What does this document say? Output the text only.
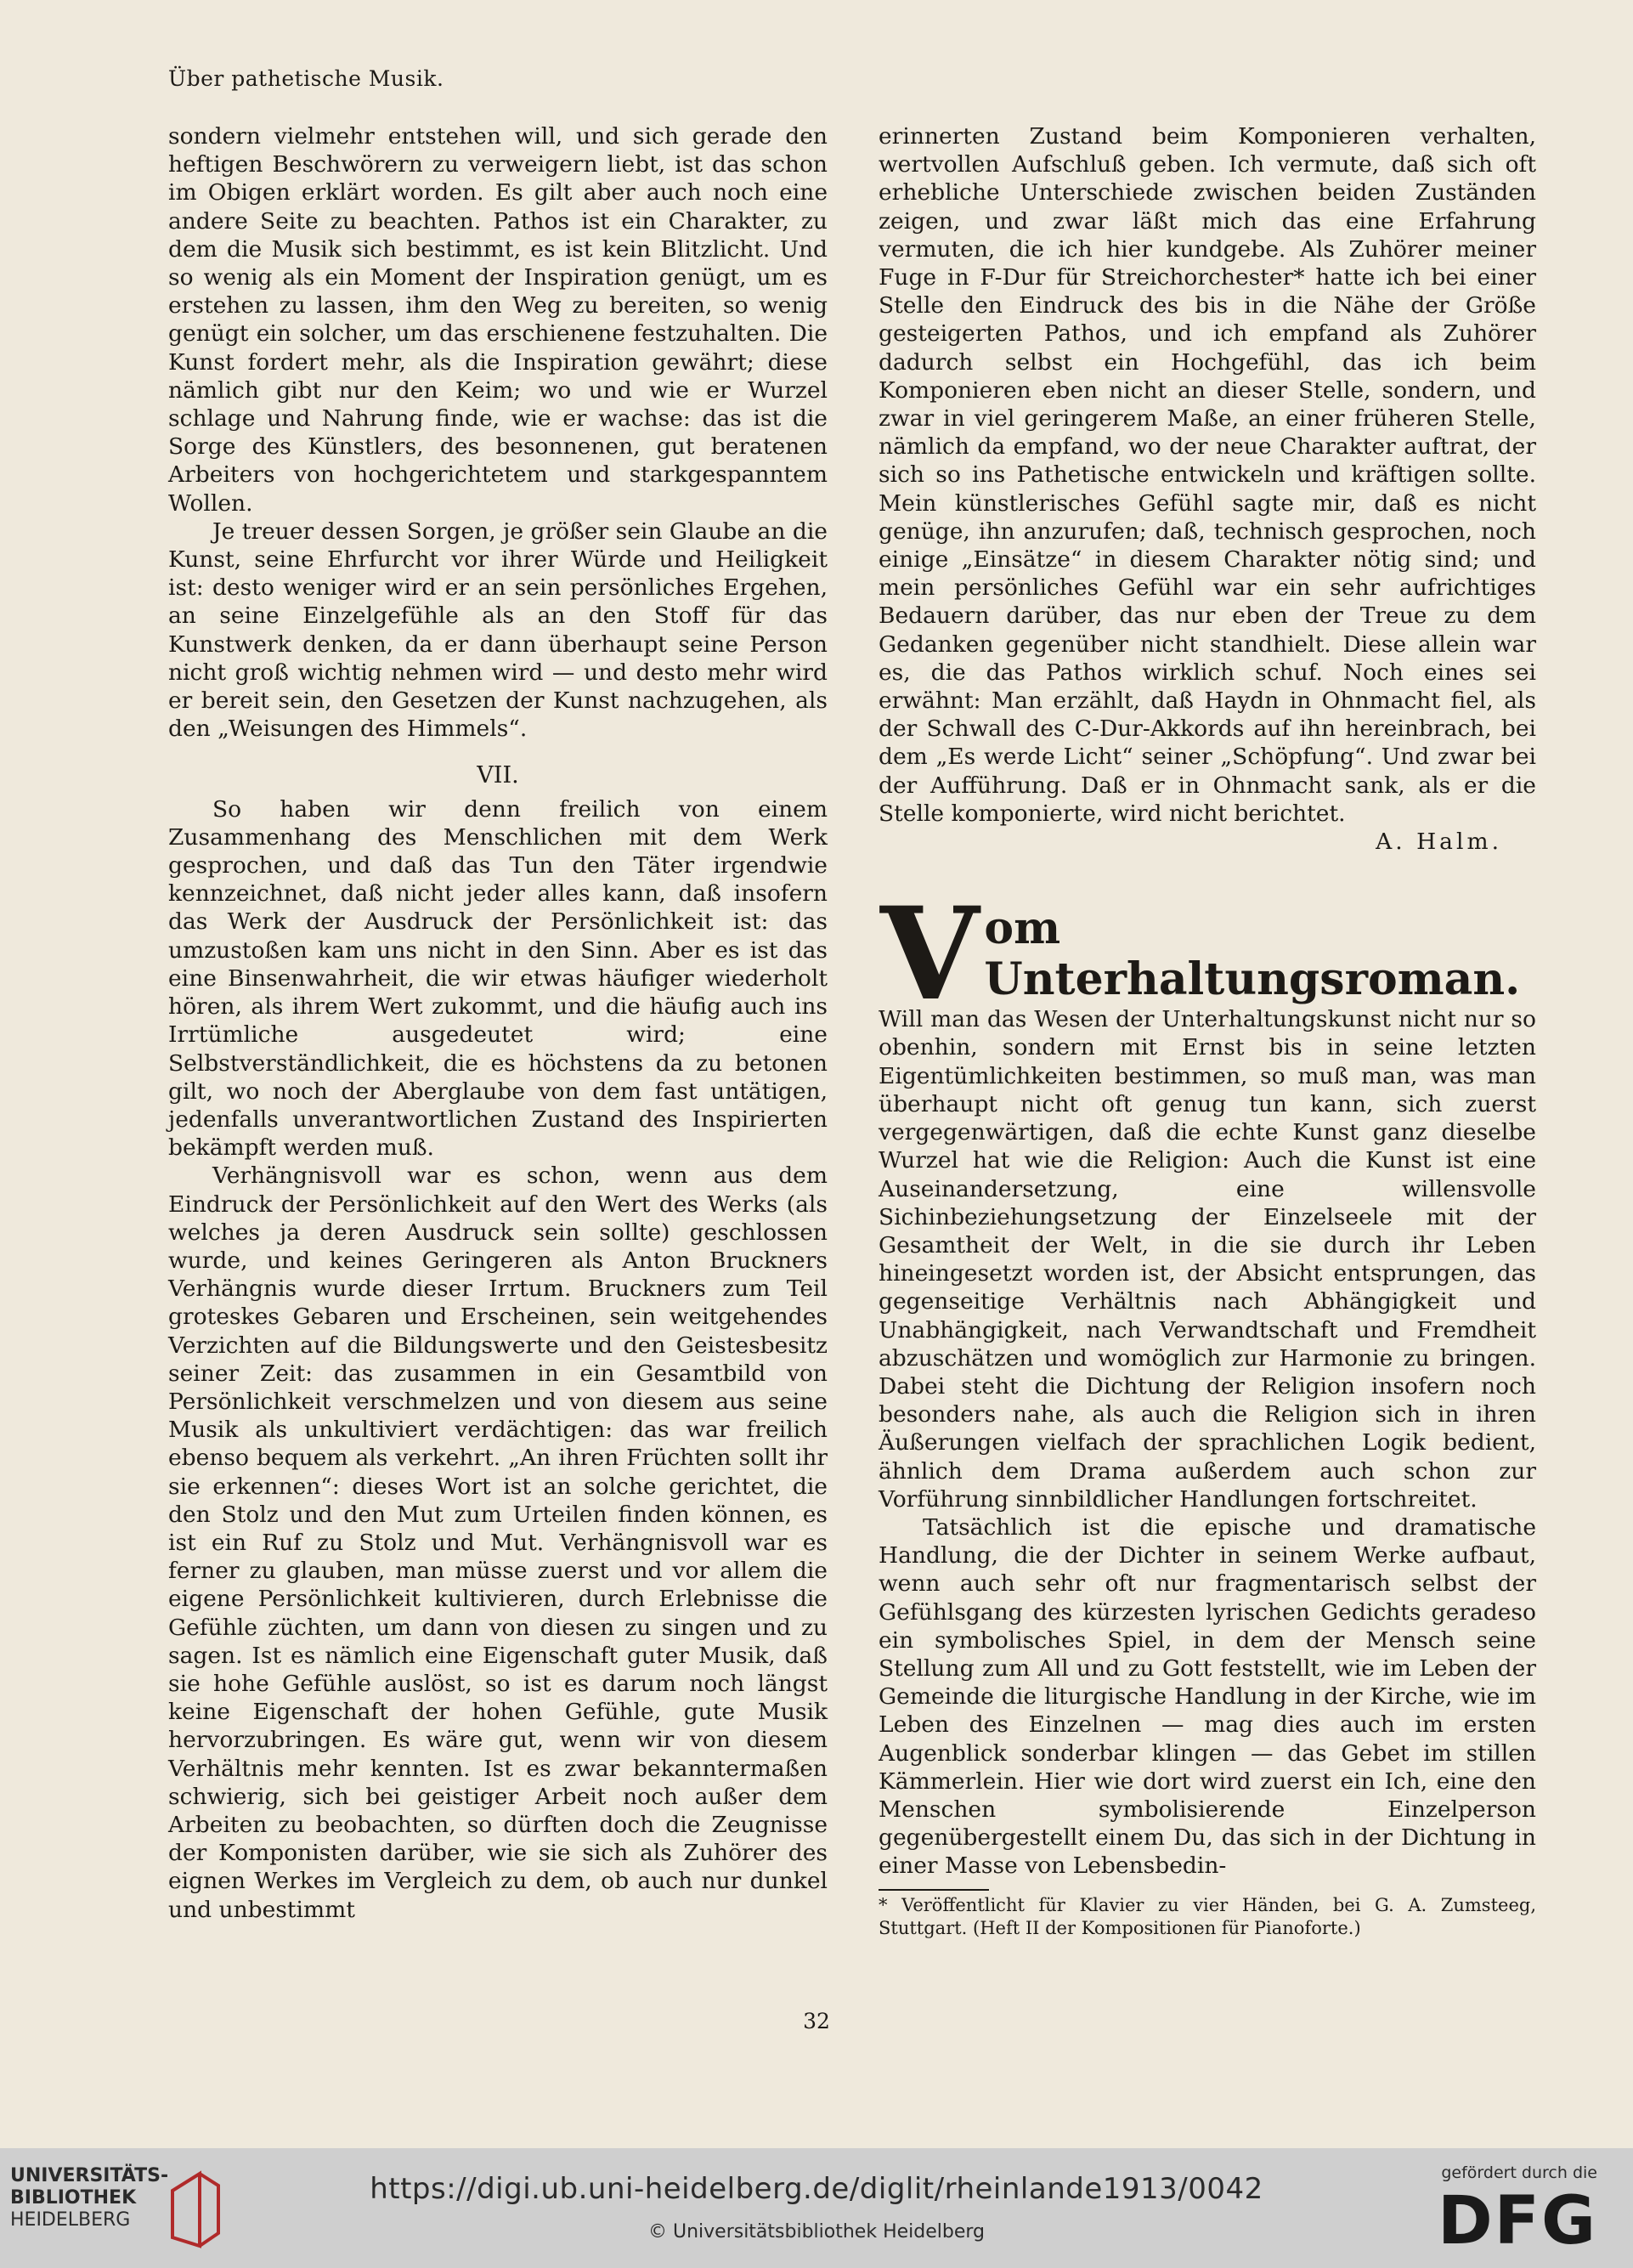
Über pathetische Musik.

sondern vielmehr entstehen will, und sich gerade den heftigen Beschwörern zu verweigern liebt, ist das schon im Obigen erklärt worden. Es gilt aber auch noch eine andere Seite zu beachten. Pathos ist ein Charakter, zu dem die Musik sich bestimmt, es ist kein Blitzlicht. Und so wenig als ein Moment der Inspiration genügt, um es erstehen zu lassen, ihm den Weg zu bereiten, so wenig genügt ein solcher, um das erschienene festzuhalten. Die Kunst fordert mehr, als die Inspiration gewährt; diese nämlich gibt nur den Keim; wo und wie er Wurzel schlage und Nahrung finde, wie er wachse: das ist die Sorge des Künstlers, des besonnenen, gut beratenen Arbeiters von hochgerichtetem und starkgespanntem Wollen.

Je treuer dessen Sorgen, je größer sein Glaube an die Kunst, seine Ehrfurcht vor ihrer Würde und Heiligkeit ist: desto weniger wird er an sein persönliches Ergehen, an seine Einzelgefühle als an den Stoff für das Kunstwerk denken, da er dann überhaupt seine Person nicht groß wichtig nehmen wird — und desto mehr wird er bereit sein, den Gesetzen der Kunst nachzugehen, als den „Weisungen des Himmels“.

VII.

So haben wir denn freilich von einem Zusammenhang des Menschlichen mit dem Werk gesprochen, und daß das Tun den Täter irgendwie kennzeichnet, daß nicht jeder alles kann, daß insofern das Werk der Ausdruck der Persönlichkeit ist: das umzustoßen kam uns nicht in den Sinn. Aber es ist das eine Binsenwahrheit, die wir etwas häufiger wiederholt hören, als ihrem Wert zukommt, und die häufig auch ins Irrtümliche ausgedeutet wird; eine Selbstverständlichkeit, die es höchstens da zu betonen gilt, wo noch der Aberglaube von dem fast untätigen, jedenfalls unverantwortlichen Zustand des Inspirierten bekämpft werden muß.

Verhängnisvoll war es schon, wenn aus dem Eindruck der Persönlichkeit auf den Wert des Werks (als welches ja deren Ausdruck sein sollte) geschlossen wurde, und keines Geringeren als Anton Bruckners Verhängnis wurde dieser Irrtum. Bruckners zum Teil groteskes Gebaren und Erscheinen, sein weitgehendes Verzichten auf die Bildungswerte und den Geistesbesitz seiner Zeit: das zusammen in ein Gesamtbild von Persönlichkeit verschmelzen und von diesem aus seine Musik als unkultiviert verdächtigen: das war freilich ebenso bequem als verkehrt. „An ihren Früchten sollt ihr sie erkennen“: dieses Wort ist an solche gerichtet, die den Stolz und den Mut zum Urteilen finden können, es ist ein Ruf zu Stolz und Mut. Verhängnisvoll war es ferner zu glauben, man müsse zuerst und vor allem die eigene Persönlichkeit kultivieren, durch Erlebnisse die Gefühle züchten, um dann von diesen zu singen und zu sagen. Ist es nämlich eine Eigenschaft guter Musik, daß sie hohe Gefühle auslöst, so ist es darum noch längst keine Eigenschaft der hohen Gefühle, gute Musik hervorzubringen. Es wäre gut, wenn wir von diesem Verhältnis mehr kennten. Ist es zwar bekanntermaßen schwierig, sich bei geistiger Arbeit noch außer dem Arbeiten zu beobachten, so dürften doch die Zeugnisse der Komponisten darüber, wie sie sich als Zuhörer des eignen Werkes im Vergleich zu dem, ob auch nur dunkel und unbestimmt

erinnerten Zustand beim Komponieren verhalten, wertvollen Aufschluß geben. Ich vermute, daß sich oft erhebliche Unterschiede zwischen beiden Zuständen zeigen, und zwar läßt mich das eine Erfahrung vermuten, die ich hier kundgebe. Als Zuhörer meiner Fuge in F-Dur für Streichorchester* hatte ich bei einer Stelle den Eindruck des bis in die Nähe der Größe gesteigerten Pathos, und ich empfand als Zuhörer dadurch selbst ein Hochgefühl, das ich beim Komponieren eben nicht an dieser Stelle, sondern, und zwar in viel geringerem Maße, an einer früheren Stelle, nämlich da empfand, wo der neue Charakter auftrat, der sich so ins Pathetische entwickeln und kräftigen sollte. Mein künstlerisches Gefühl sagte mir, daß es nicht genüge, ihn anzurufen; daß, technisch gesprochen, noch einige „Einsätze“ in diesem Charakter nötig sind; und mein persönliches Gefühl war ein sehr aufrichtiges Bedauern darüber, das nur eben der Treue zu dem Gedanken gegenüber nicht standhielt. Diese allein war es, die das Pathos wirklich schuf. Noch eines sei erwähnt: Man erzählt, daß Haydn in Ohnmacht fiel, als der Schwall des C-Dur-Akkords auf ihn hereinbrach, bei dem „Es werde Licht“ seiner „Schöpfung“. Und zwar bei der Aufführung. Daß er in Ohnmacht sank, als er die Stelle komponierte, wird nicht berichtet.

A. Halm.
Vom Unterhaltungsroman.

Will man das Wesen der Unterhaltungskunst nicht nur so obenhin, sondern mit Ernst bis in seine letzten Eigentümlichkeiten bestimmen, so muß man, was man überhaupt nicht oft genug tun kann, sich zuerst vergegenwärtigen, daß die echte Kunst ganz dieselbe Wurzel hat wie die Religion: Auch die Kunst ist eine Auseinandersetzung, eine willensvolle Sichinbeziehungsetzung der Einzelseele mit der Gesamtheit der Welt, in die sie durch ihr Leben hineingesetzt worden ist, der Absicht entsprungen, das gegenseitige Verhältnis nach Abhängigkeit und Unabhängigkeit, nach Verwandtschaft und Fremdheit abzuschätzen und womöglich zur Harmonie zu bringen. Dabei steht die Dichtung der Religion insofern noch besonders nahe, als auch die Religion sich in ihren Äußerungen vielfach der sprachlichen Logik bedient, ähnlich dem Drama außerdem auch schon zur Vorführung sinnbildlicher Handlungen fortschreitet.

Tatsächlich ist die epische und dramatische Handlung, die der Dichter in seinem Werke aufbaut, wenn auch sehr oft nur fragmentarisch selbst der Gefühlsgang des kürzesten lyrischen Gedichts geradeso ein symbolisches Spiel, in dem der Mensch seine Stellung zum All und zu Gott feststellt, wie im Leben der Gemeinde die liturgische Handlung in der Kirche, wie im Leben des Einzelnen — mag dies auch im ersten Augenblick sonderbar klingen — das Gebet im stillen Kämmerlein. Hier wie dort wird zuerst ein Ich, eine den Menschen symbolisierende Einzelperson gegenübergestellt einem Du, das sich in der Dichtung in einer Masse von Lebensbedin-

* Veröffentlicht für Klavier zu vier Händen, bei G. A. Zumsteeg, Stuttgart. (Heft II der Kompositionen für Pianoforte.)
32
UNIVERSITÄTS-
BIBLIOTHEK
HEIDELBERG
https://digi.ub.uni-heidelberg.de/diglit/rheinlande1913/0042
© Universitätsbibliothek Heidelberg
gefördert durch die
DFG
